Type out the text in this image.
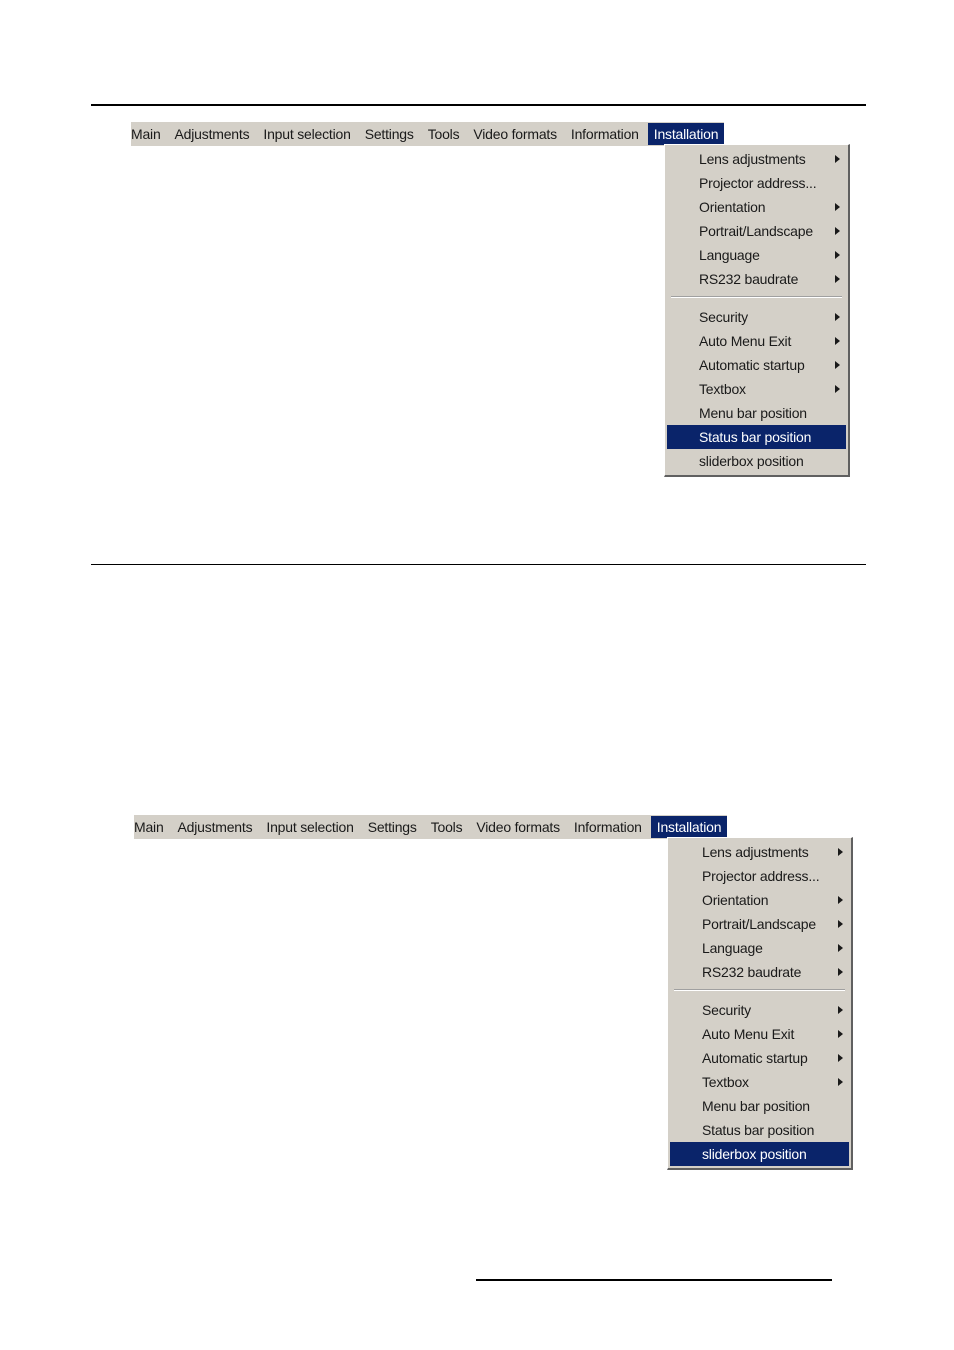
Main	Adjustments	Input selection	Settings	Tools	Video formats	Information	Installation
Lens adjustments
Projector address...
Orientation
Portrait/Landscape
Language
RS232 baudrate
Security
Auto Menu Exit
Automatic startup
Textbox
Menu bar position
Status bar position
sliderbox position
Main	Adjustments	Input selection	Settings	Tools	Video formats	Information	Installation
Lens adjustments
Projector address...
Orientation
Portrait/Landscape
Language
RS232 baudrate
Security
Auto Menu Exit
Automatic startup
Textbox
Menu bar position
Status bar position
sliderbox position
